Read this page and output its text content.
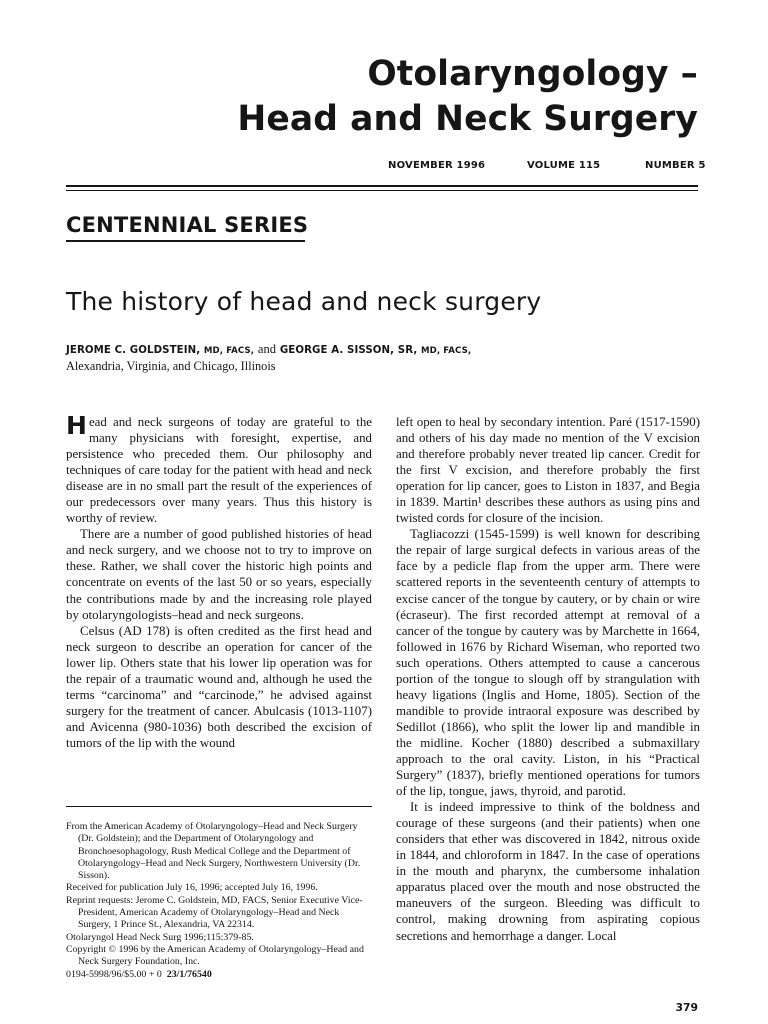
Otolaryngology –
Head and Neck Surgery
NOVEMBER 1996	VOLUME 115	NUMBER 5
CENTENNIAL SERIES
The history of head and neck surgery
JEROME C. GOLDSTEIN, MD, FACS, and GEORGE A. SISSON, SR, MD, FACS,
Alexandria, Virginia, and Chicago, Illinois

Head and neck surgeons of today are grateful to the many physicians with foresight, expertise, and persistence who preceded them. Our philosophy and techniques of care today for the patient with head and neck disease are in no small part the result of the experiences of our predecessors over many years. Thus this history is worthy of review.

There are a number of good published histories of head and neck surgery, and we choose not to try to improve on these. Rather, we shall cover the historic high points and concentrate on events of the last 50 or so years, especially the contributions made by and the increasing role played by otolaryngologists–head and neck surgeons.

Celsus (AD 178) is often credited as the first head and neck surgeon to describe an operation for cancer of the lower lip. Others state that his lower lip operation was for the repair of a traumatic wound and, although he used the terms “carcinoma” and “carcinode,” he advised against surgery for the treatment of cancer. Abulcasis (1013-1107) and Avicenna (980-1036) both described the excision of tumors of the lip with the wound

left open to heal by secondary intention. Paré (1517-1590) and others of his day made no mention of the V excision and therefore probably never treated lip cancer. Credit for the first V excision, and therefore probably the first operation for lip cancer, goes to Liston in 1837, and Begia in 1839. Martin¹ describes these authors as using pins and twisted cords for closure of the incision.

Tagliacozzi (1545-1599) is well known for describing the repair of large surgical defects in various areas of the face by a pedicle flap from the upper arm. There were scattered reports in the seventeenth century of attempts to excise cancer of the tongue by cautery, or by chain or wire (écraseur). The first recorded attempt at removal of a cancer of the tongue by cautery was by Marchette in 1664, followed in 1676 by Richard Wiseman, who reported two such operations. Others attempted to cause a cancerous portion of the tongue to slough off by strangulation with heavy ligations (Inglis and Home, 1805). Section of the mandible to provide intraoral exposure was described by Sedillot (1866), who split the lower lip and mandible in the midline. Kocher (1880) described a submaxillary approach to the oral cavity. Liston, in his “Practical Surgery” (1837), briefly mentioned operations for tumors of the lip, tongue, jaws, thyroid, and parotid.

It is indeed impressive to think of the boldness and courage of these surgeons (and their patients) when one considers that ether was discovered in 1842, nitrous oxide in 1844, and chloroform in 1847. In the case of operations in the mouth and pharynx, the cumbersome inhalation apparatus placed over the mouth and nose obstructed the maneuvers of the surgeon. Bleeding was difficult to control, making drowning from aspirating copious secretions and hemorrhage a danger. Local

From the American Academy of Otolaryngology–Head and Neck Surgery (Dr. Goldstein); and the Department of Otolaryngology and Bronchoesophagology, Rush Medical College and the Department of Otolaryngology–Head and Neck Surgery, Northwestern University (Dr. Sisson).
Received for publication July 16, 1996; accepted July 16, 1996.
Reprint requests: Jerome C. Goldstein, MD, FACS, Senior Executive Vice-President, American Academy of Otolaryngology–Head and Neck Surgery, 1 Prince St., Alexandria, VA 22314.
Otolaryngol Head Neck Surg 1996;115:379-85.
Copyright © 1996 by the American Academy of Otolaryngology–Head and Neck Surgery Foundation, Inc.
0194-5998/96/$5.00 + 0 23/1/76540
379
